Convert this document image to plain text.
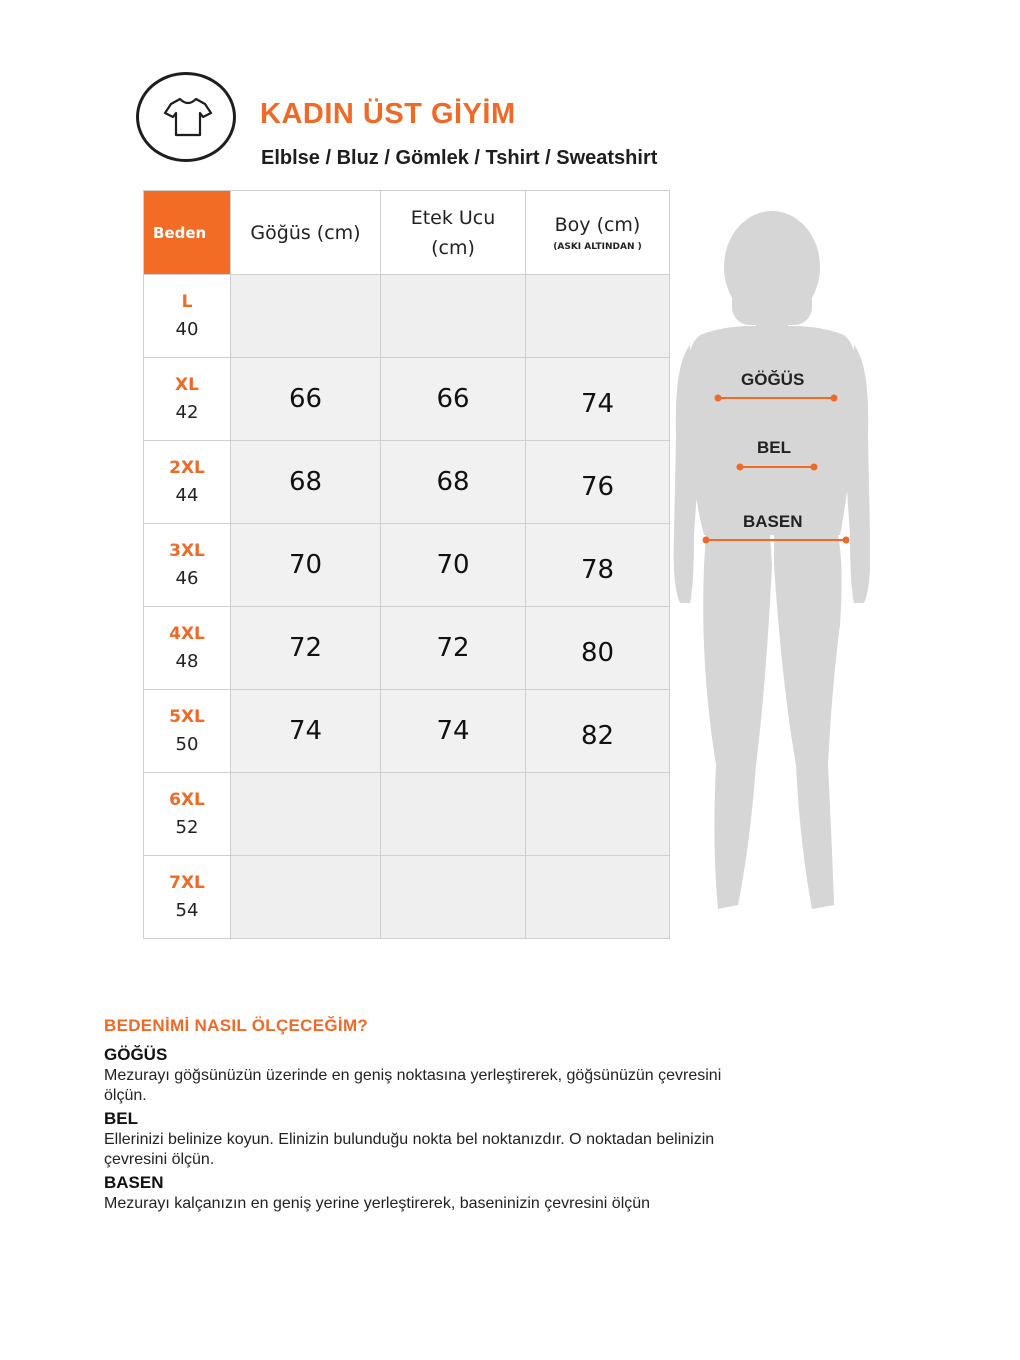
KADIN ÜST GİYİM
Elblse / Bluz / Gömlek / Tshirt / Sweatshirt
Beden	Göğüs (cm)	Etek Ucu (cm)	Boy (cm)
(ASKI ALTINDAN )

L
40			

XL
42	66	66	74

2XL
44	68	68	76

3XL
46	70	70	78

4XL
48	72	72	80

5XL
50	74	74	82

6XL
52			

7XL
54			

GÖĞÜS
BEL
BASEN
BEDENİMİ NASIL ÖLÇECEĞİM?
GÖĞÜS

Mezurayı göğsünüzün üzerinde en geniş noktasına yerleştirerek, göğsünüzün çevresini ölçün.

BEL

Ellerinizi belinize koyun. Elinizin bulunduğu nokta bel noktanızdır. O noktadan belinizin çevresini ölçün.

BASEN

Mezurayı kalçanızın en geniş yerine yerleştirerek, baseninizin çevresini ölçün
